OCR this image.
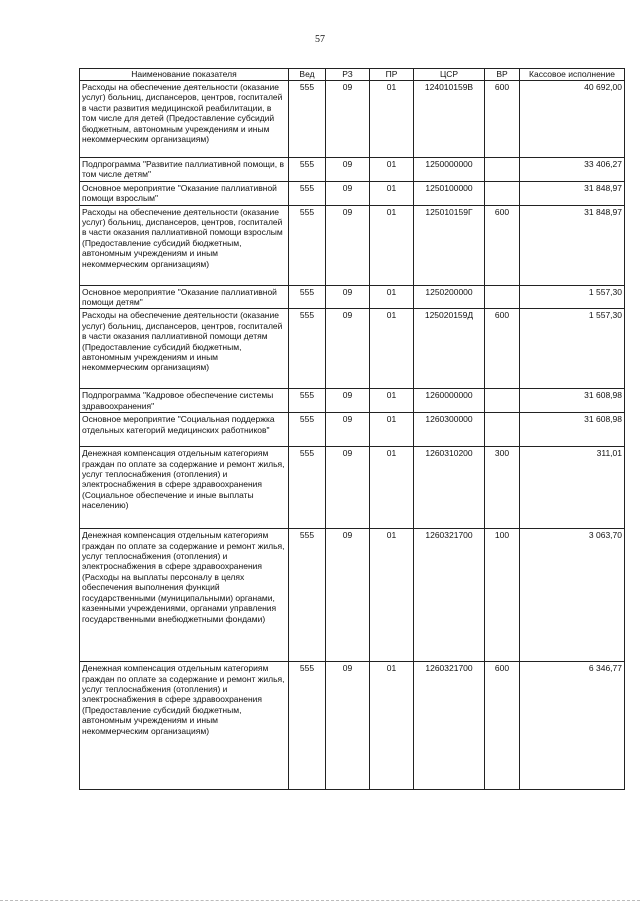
57
Наименование показателя	Вед	РЗ	ПР	ЦСР	ВР	Кассовое исполнение
Расходы на обеспечение деятельности (оказание услуг) больниц, диспансеров, центров, госпиталей в части развития медицинской реабилитации, в том числе для детей (Предоставление субсидий бюджетным, автономным учреждениям и иным некоммерческим организациям)	555	09	01	124010159В	600	40 692,00
Подпрограмма "Развитие паллиативной помощи, в том числе детям"	555	09	01	1250000000		33 406,27
Основное мероприятие "Оказание паллиативной помощи взрослым"	555	09	01	1250100000		31 848,97
Расходы на обеспечение деятельности (оказание услуг) больниц, диспансеров, центров, госпиталей в части оказания паллиативной помощи взрослым (Предоставление субсидий бюджетным, автономным учреждениям и иным некоммерческим организациям)	555	09	01	125010159Г	600	31 848,97
Основное мероприятие "Оказание паллиативной помощи детям"	555	09	01	1250200000		1 557,30
Расходы на обеспечение деятельности (оказание услуг) больниц, диспансеров, центров, госпиталей в части оказания паллиативной помощи детям (Предоставление субсидий бюджетным, автономным учреждениям и иным некоммерческим организациям)	555	09	01	125020159Д	600	1 557,30
Подпрограмма "Кадровое обеспечение системы здравоохранения"	555	09	01	1260000000		31 608,98
Основное мероприятие "Социальная поддержка отдельных категорий медицинских работников"	555	09	01	1260300000		31 608,98
Денежная компенсация отдельным категориям граждан по оплате за содержание и ремонт жилья, услуг теплоснабжения (отопления) и электроснабжения в сфере здравоохранения (Социальное обеспечение и иные выплаты населению)	555	09	01	1260310200	300	311,01
Денежная компенсация отдельным категориям граждан по оплате за содержание и ремонт жилья, услуг теплоснабжения (отопления) и электроснабжения в сфере здравоохранения (Расходы на выплаты персоналу в целях обеспечения выполнения функций государственными (муниципальными) органами, казенными учреждениями, органами управления государственными внебюджетными фондами)	555	09	01	1260321700	100	3 063,70
Денежная компенсация отдельным категориям граждан по оплате за содержание и ремонт жилья, услуг теплоснабжения (отопления) и электроснабжения в сфере здравоохранения (Предоставление субсидий бюджетным, автономным учреждениям и иным некоммерческим организациям)	555	09	01	1260321700	600	6 346,77
